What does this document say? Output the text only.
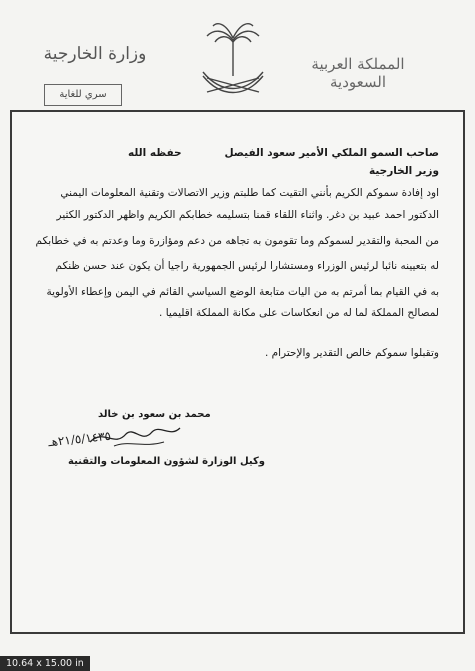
وزارة الخارجية
سري للغاية
المملكة العربية السعودية
صاحب السمو الملكي الأمير سعود الفيصل
حفظه الله
وزير الخارجية
اود إفادة سموكم الكريم بأنني التقيت كما طلبتم وزير الاتصالات وتقنية المعلومات اليمني
الدكتور احمد عبيد بن دغر. واثناء اللقاء قمنا بتسليمه خطابكم الكريم واظهر الدكتور الكثير
من المحبة والتقدير لسموكم وما تقومون به تجاهه من دعم ومؤازرة وما وعدتم به في خطابكم
له بتعيينه نائبا لرئيس الوزراء ومستشارا لرئيس الجمهورية راجيا أن يكون عند حسن ظنكم
به في القيام بما أمرتم به من اليات متابعة الوضع السياسي القائم في اليمن وإعطاء الأولوية
لمصالح المملكة لما له من انعكاسات على مكانة المملكة اقليميا .
وتقبلوا سموكم خالص التقدير والإحترام .
محمد بن سعود بن خالد
٢١/٥/١٤٣٥هـ
وكيل الوزارة لشؤون المعلومات والتقنية
10.64 x 15.00 in
